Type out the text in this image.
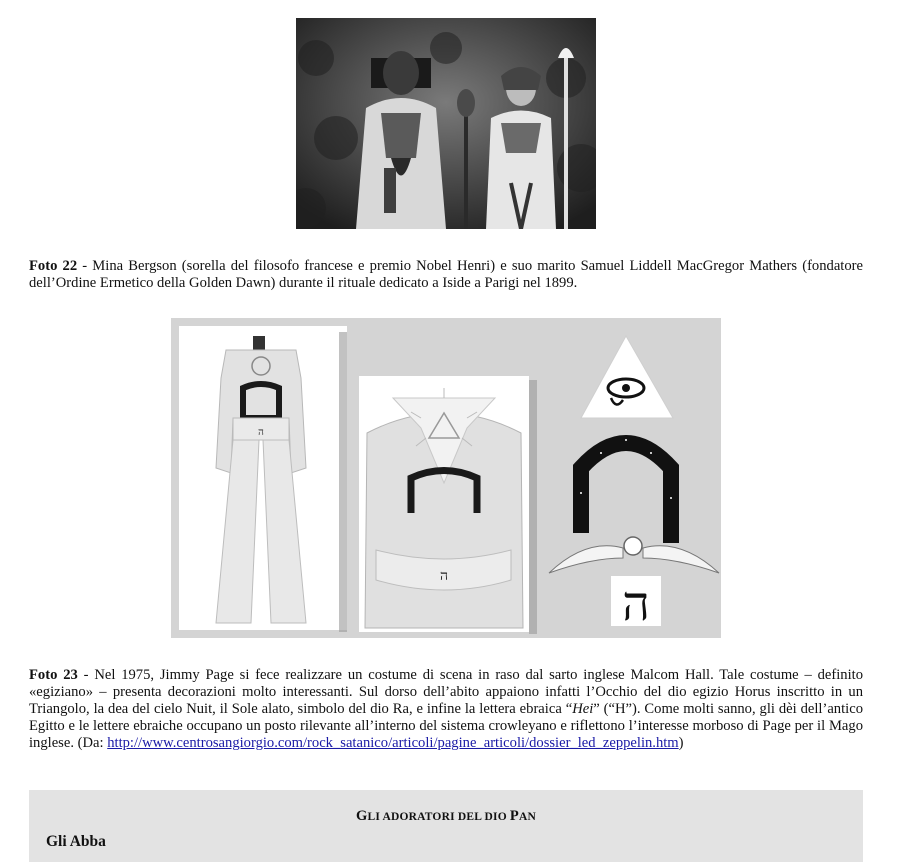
Foto 22 - Mina Bergson (sorella del filosofo francese e premio Nobel Henri) e suo marito Samuel Liddell MacGregor Mathers (fondatore dell’Ordine Ermetico della Golden Dawn) durante il rituale dedicato a Iside a Parigi nel 1899.
ה
ה	ה
Foto 23 - Nel 1975, Jimmy Page si fece realizzare un costume di scena in raso dal sarto inglese Malcom Hall. Tale costume – definito «egiziano» – presenta decorazioni molto interessanti. Sul dorso dell’abito appaiono infatti l’Occhio del dio egizio Horus inscritto in un Triangolo, la dea del cielo Nuit, il Sole alato, simbolo del dio Ra, e infine la lettera ebraica “Hei” (“H”). Come molti sanno, gli dèi dell’antico Egitto e le lettere ebraiche occupano un posto rilevante all’interno del sistema crowleyano e riflettono l’interesse morboso di Page per il Mago inglese. (Da: http://www.centrosangiorgio.com/rock_satanico/articoli/pagine_articoli/dossier_led_zeppelin.htm)
GLI ADORATORI DEL DIO PAN
Gli Abba
